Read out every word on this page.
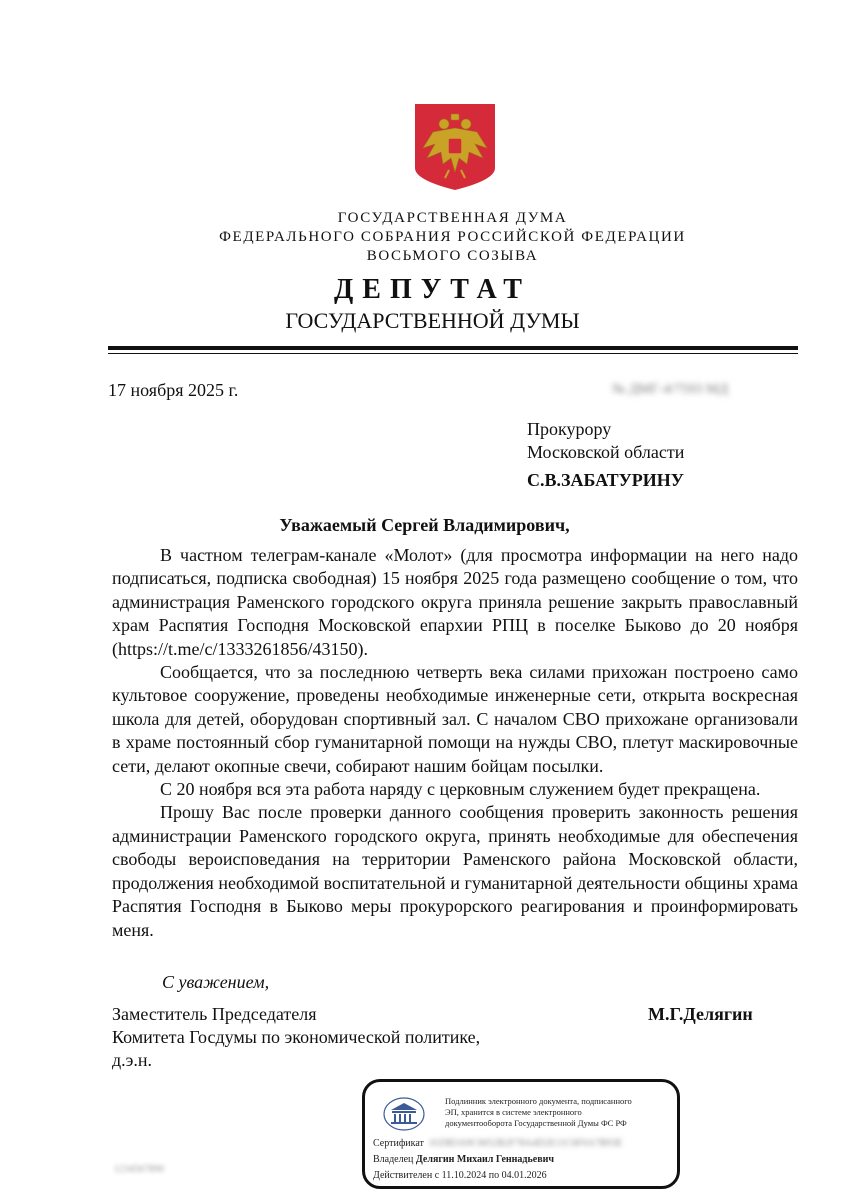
ГОСУДАРСТВЕННАЯ ДУМА
ФЕДЕРАЛЬНОГО СОБРАНИЯ РОССИЙСКОЙ ФЕДЕРАЦИИ
ВОСЬМОГО СОЗЫВА
ДЕПУТАТ
ГОСУДАРСТВЕННОЙ ДУМЫ
17 ноября 2025 г.	№ ДМГ-4/7593 МД
Прокурору
Московской области
С.В.ЗАБАТУРИНУ
Уважаемый Сергей Владимирович,

В частном телеграм-канале «Молот» (для просмотра информации на него надо подписаться, подписка свободная) 15 ноября 2025 года размещено сообщение о том, что администрация Раменского городского округа приняла решение закрыть православный храм Распятия Господня Московской епархии РПЦ в поселке Быково до 20 ноября (https://t.me/c/1333261856/43150).

Сообщается, что за последнюю четверть века силами прихожан построено само культовое сооружение, проведены необходимые инженерные сети, открыта воскресная школа для детей, оборудован спортивный зал. С началом СВО прихожане организовали в храме постоянный сбор гуманитарной помощи на нужды СВО, плетут маскировочные сети, делают окопные свечи, собирают нашим бойцам посылки.

С 20 ноября вся эта работа наряду с церковным служением будет прекращена.

Прошу Вас после проверки данного сообщения проверить законность решения администрации Раменского городского округа, принять необходимые для обеспечения свободы вероисповедания на территории Раменского района Московской области, продолжения необходимой воспитательной и гуманитарной деятельности общины храма Распятия Господня в Быково меры прокурорского реагирования и проинформировать меня.

С уважением,
Заместитель Председателя
Комитета Госдумы по экономической политике,
д.э.н.
М.Г.Делягин
Подлинник электронного документа, подписанного
ЭП, хранится в системе электронного
документооборота Государственной Думы ФС РФ
Сертификат 01DB3A9C0052B2F78A4D2E11C6F0A7B93E
Владелец Делягин Михаил Геннадьевич
Действителен с 11.10.2024 по 04.01.2026
1234567890
